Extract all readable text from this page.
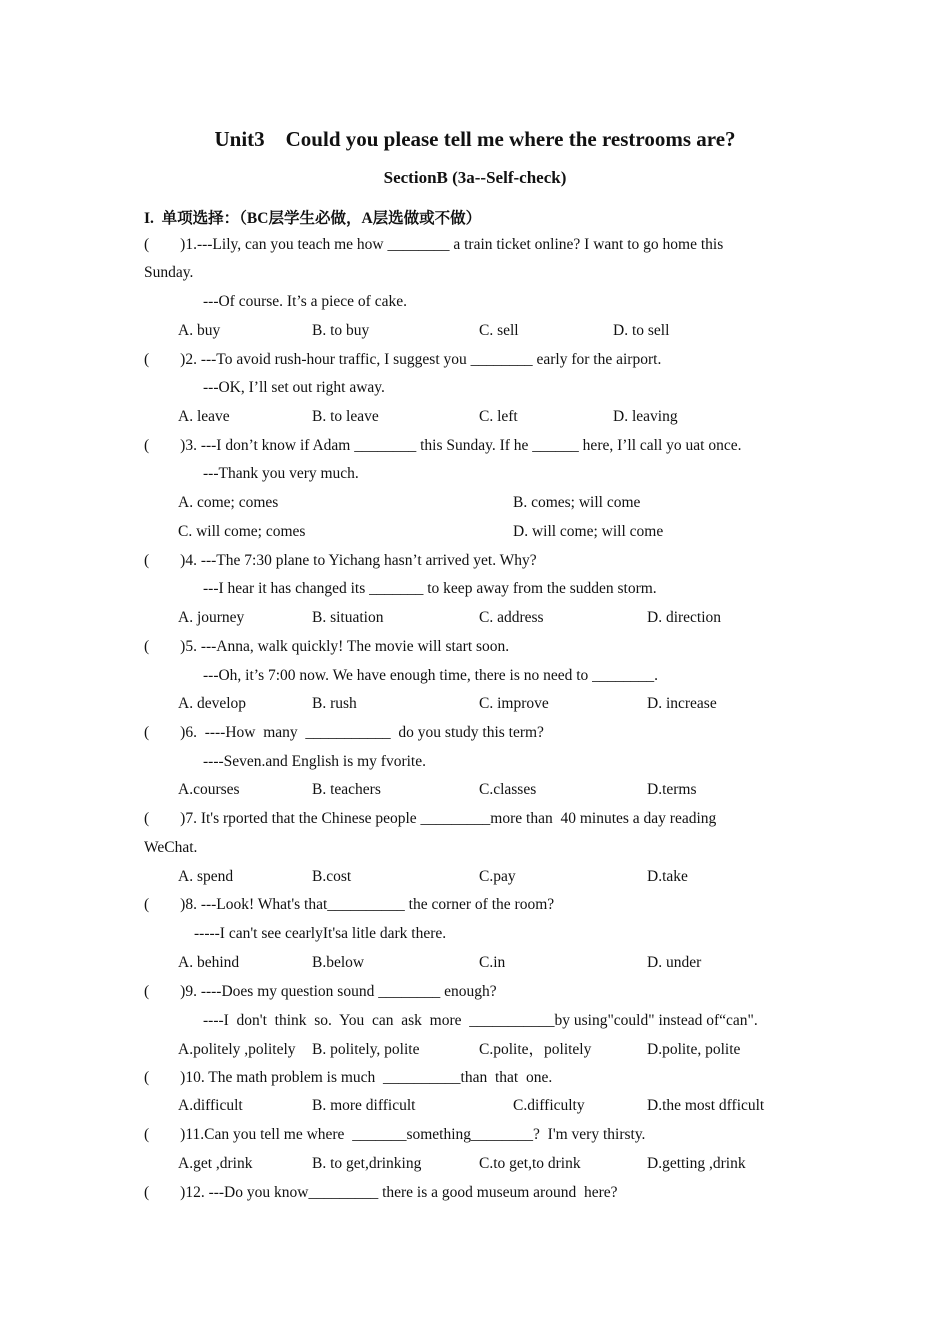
Unit3    Could you please tell me where the restrooms are?
SectionB (3a--Self-check)
I.  单项选择：（BC层学生必做，A层选做或不做）
(        )1.---Lily, can you teach me how ________ a train ticket online? I want to go home this
Sunday.
---Of course. It’s a piece of cake.
A. buy	B. to buy	C. sell	D. to sell
(        )2. ---To avoid rush-hour traffic, I suggest you ________ early for the airport.
---OK, I’ll set out right away.
A. leave	B. to leave	C. left	D. leaving
(        )3. ---I don’t know if Adam ________ this Sunday. If he ______ here, I’ll call yo uat once.
---Thank you very much.
A. come; comes	B. comes; will come
C. will come; comes	D. will come; will come
(        )4. ---The 7:30 plane to Yichang hasn’t arrived yet. Why?
---I hear it has changed its _______ to keep away from the sudden storm.
A. journey	B. situation	C. address	D. direction
(        )5. ---Anna, walk quickly! The movie will start soon.
---Oh, it’s 7:00 now. We have enough time, there is no need to ________.
A. develop	B. rush	C. improve	D. increase
(        )6.  ----How  many  ___________  do you study this term?
----Seven.and English is my fvorite.
A.courses	B. teachers	C.classes	D.terms
(        )7. It's rported that the Chinese people _________more than  40 minutes a day reading
WeChat.
A. spend	B.cost	C.pay	D.take
(        )8. ---Look! What's that__________ the corner of the room?
-----I can't see cearlyIt'sa litle dark there.
A. behind	B.below	C.in	D. under
(        )9. ----Does my question sound ________ enough?
----I  don't  think  so.  You  can  ask  more  ___________by using"could" instead of“can".
A.politely ,politely B. politely, polite	C.polite，politely	D.polite, polite
(        )10. The math problem is much  __________than  that  one.
A.difficult	B. more difficult	C.difficulty	D.the most dfficult
(        )11.Can you tell me where  _______something________?  I'm very thirsty.
A.get ,drink	B. to get,drinking	C.to get,to drink	D.getting ,drink
(        )12. ---Do you know_________ there is a good museum around  here?
